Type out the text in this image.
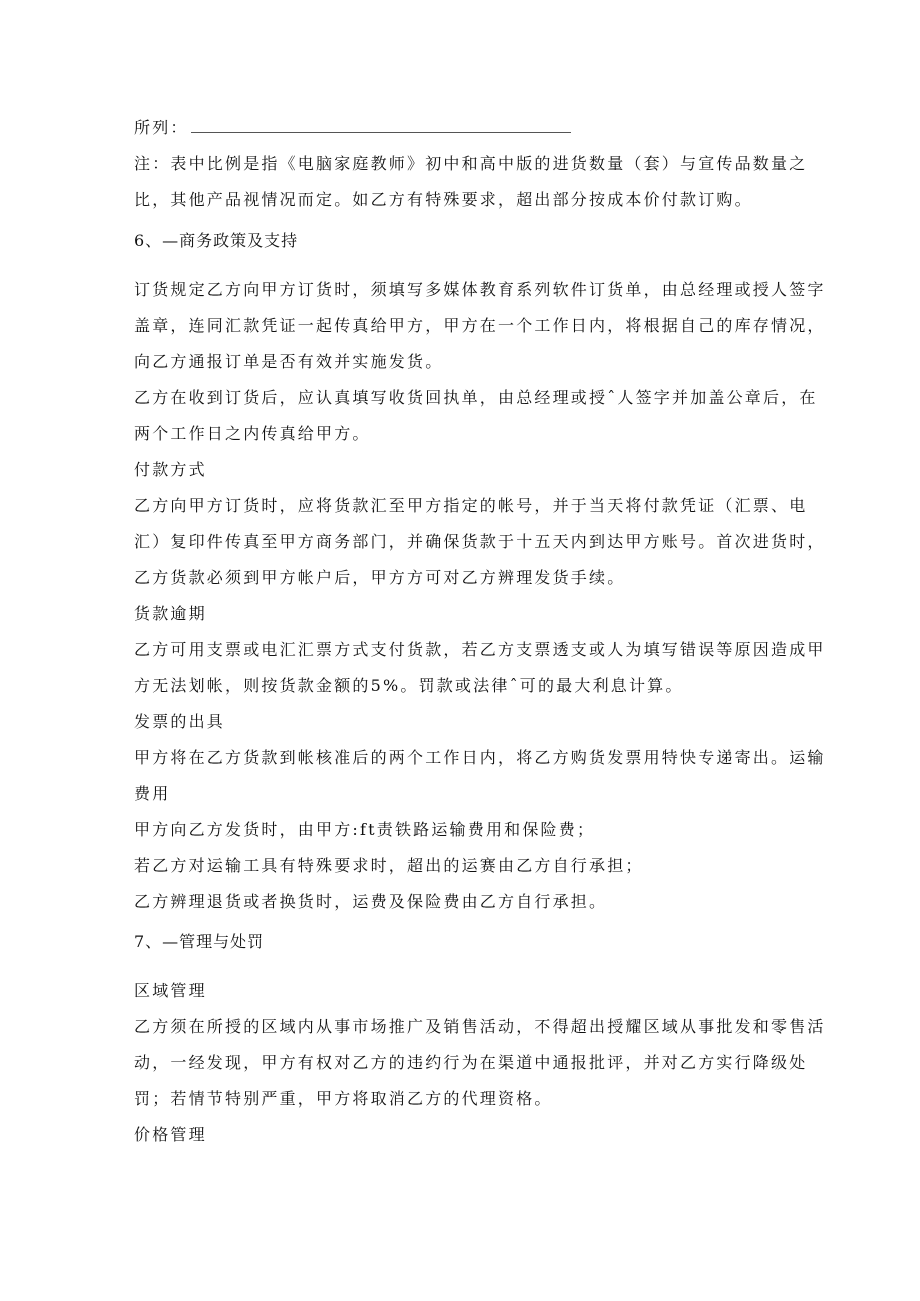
所列：
注：表中比例是指《电脑家庭教师》初中和高中版的进货数量（套）与宣传品数量之
比，其他产品视情况而定。如乙方有特殊要求，超出部分按成本价付款订购。
6、—商务政策及支持
订货规定乙方向甲方订货时，须填写多媒体教育系列软件订货单，由总经理或授人签字
盖章，连同汇款凭证一起传真给甲方，甲方在一个工作日内，将根据自己的库存情况，
向乙方通报订单是否有效并实施发货。
乙方在收到订货后，应认真填写收货回执单，由总经理或授ˆ人签字并加盖公章后，在
两个工作日之内传真给甲方。
付款方式
乙方向甲方订货时，应将货款汇至甲方指定的帐号，并于当天将付款凭证（汇票、电
汇）复印件传真至甲方商务部门，并确保货款于十五天内到达甲方账号。首次进货时，
乙方货款必须到甲方帐户后，甲方方可对乙方辨理发货手续。
货款逾期
乙方可用支票或电汇汇票方式支付货款，若乙方支票透支或人为填写错误等原因造成甲
方无法划帐，则按货款金额的5%。罚款或法律ˆ可的最大利息计算。
发票的出具
甲方将在乙方货款到帐核准后的两个工作日内，将乙方购货发票用特快专递寄出。运输
费用
甲方向乙方发货时，由甲方:ft责铁路运输费用和保险费；
若乙方对运输工具有特殊要求时，超出的运赛由乙方自行承担；
乙方辨理退货或者换货时，运费及保险费由乙方自行承担。
7、—管理与处罚
区域管理
乙方须在所授的区域内从事市场推广及销售活动，不得超出授耀区域从事批发和零售活
动，一经发现，甲方有权对乙方的违约行为在渠道中通报批评，并对乙方实行降级处
罚；若情节特别严重，甲方将取消乙方的代理资格。
价格管理
